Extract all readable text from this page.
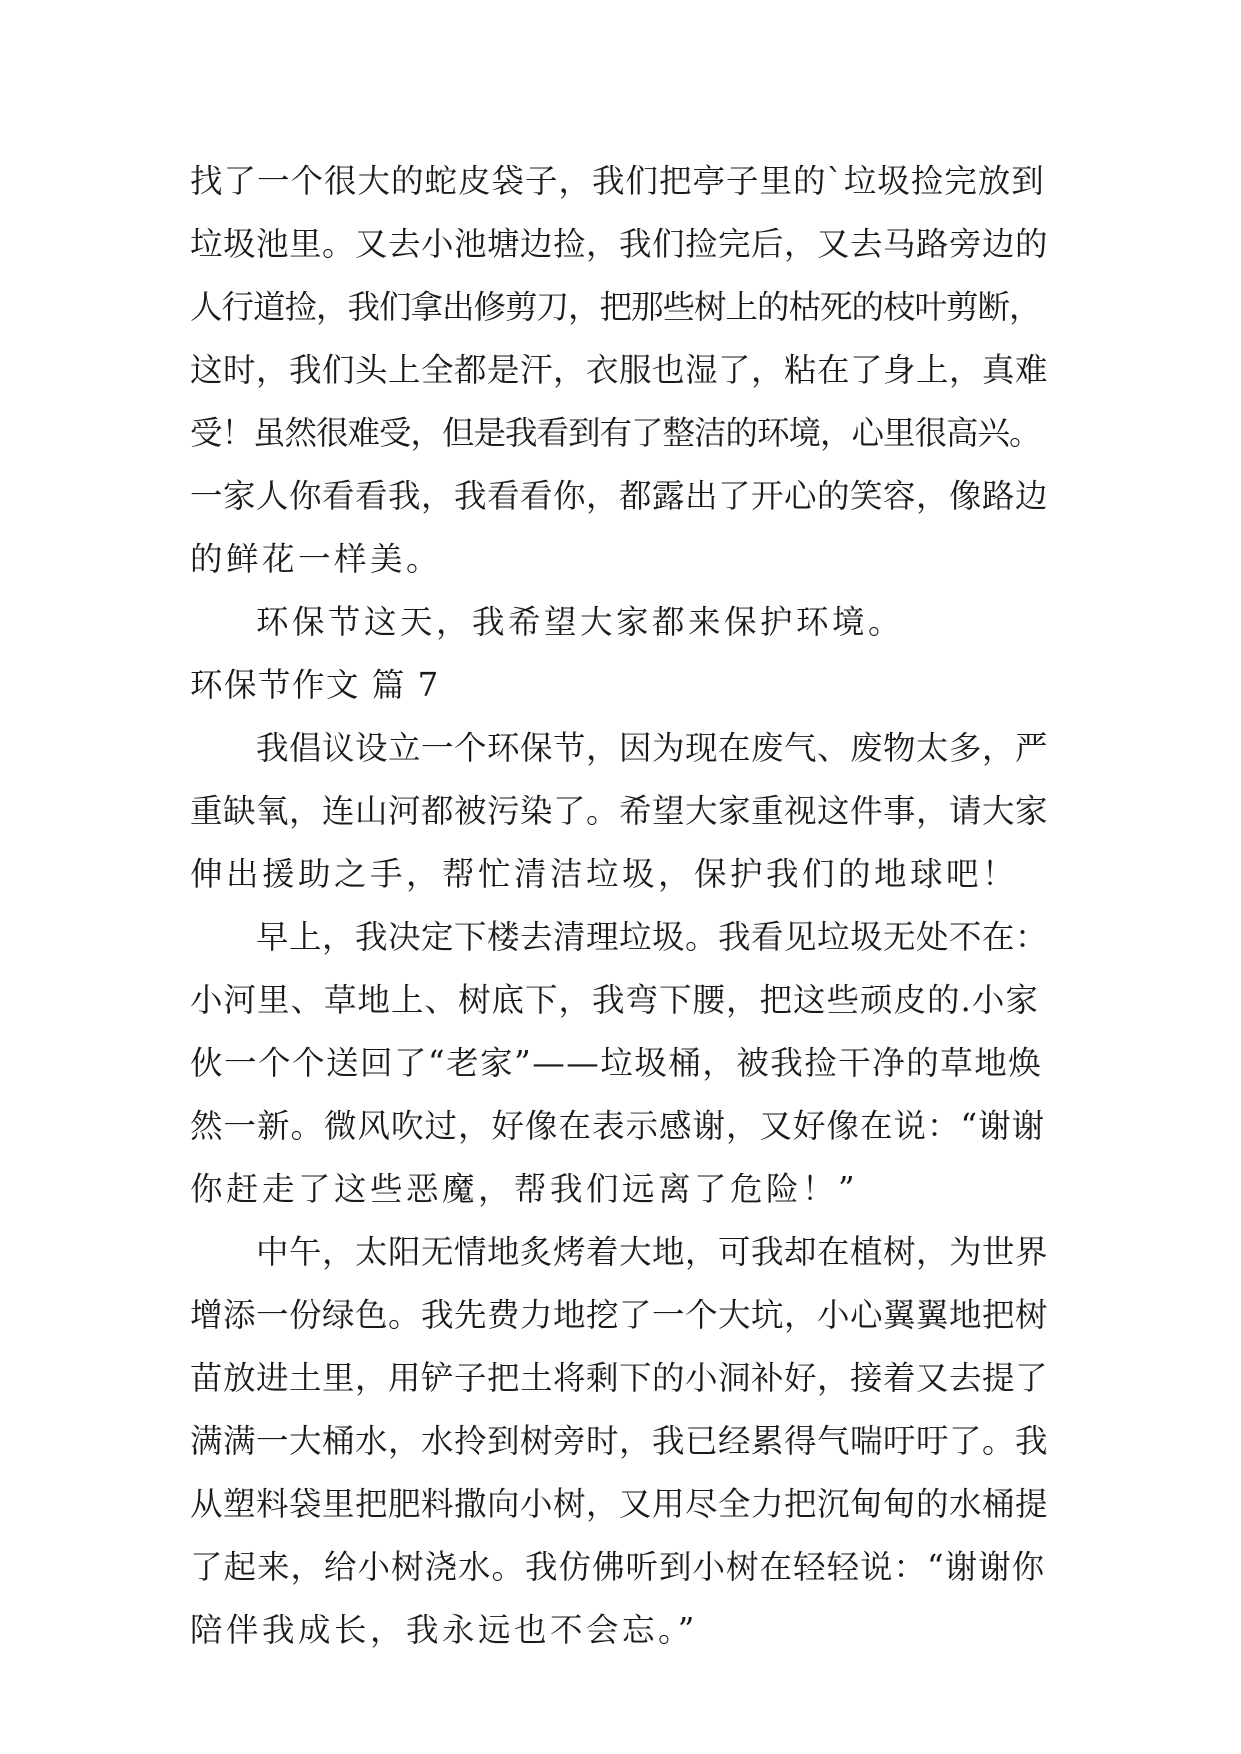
找了一个很大的蛇皮袋子，我们把亭子里的`垃圾捡完放到
垃圾池里。又去小池塘边捡，我们捡完后，又去马路旁边的
人行道捡，我们拿出修剪刀，把那些树上的枯死的枝叶剪断，
这时，我们头上全都是汗，衣服也湿了，粘在了身上，真难
受！虽然很难受，但是我看到有了整洁的环境，心里很高兴。
一家人你看看我，我看看你，都露出了开心的笑容，像路边
的鲜花一样美。
环保节这天，我希望大家都来保护环境。
环保节作文 篇 7
我倡议设立一个环保节，因为现在废气、废物太多，严
重缺氧，连山河都被污染了。希望大家重视这件事，请大家
伸出援助之手，帮忙清洁垃圾，保护我们的地球吧！
早上，我决定下楼去清理垃圾。我看见垃圾无处不在：
小河里、草地上、树底下，我弯下腰，把这些顽皮的.小家
伙一个个送回了“老家”——垃圾桶，被我捡干净的草地焕
然一新。微风吹过，好像在表示感谢，又好像在说：“谢谢
你赶走了这些恶魔，帮我们远离了危险！”
中午，太阳无情地炙烤着大地，可我却在植树，为世界
增添一份绿色。我先费力地挖了一个大坑，小心翼翼地把树
苗放进土里，用铲子把土将剩下的小洞补好，接着又去提了
满满一大桶水，水拎到树旁时，我已经累得气喘吁吁了。我
从塑料袋里把肥料撒向小树，又用尽全力把沉甸甸的水桶提
了起来，给小树浇水。我仿佛听到小树在轻轻说：“谢谢你
陪伴我成长，我永远也不会忘。”
